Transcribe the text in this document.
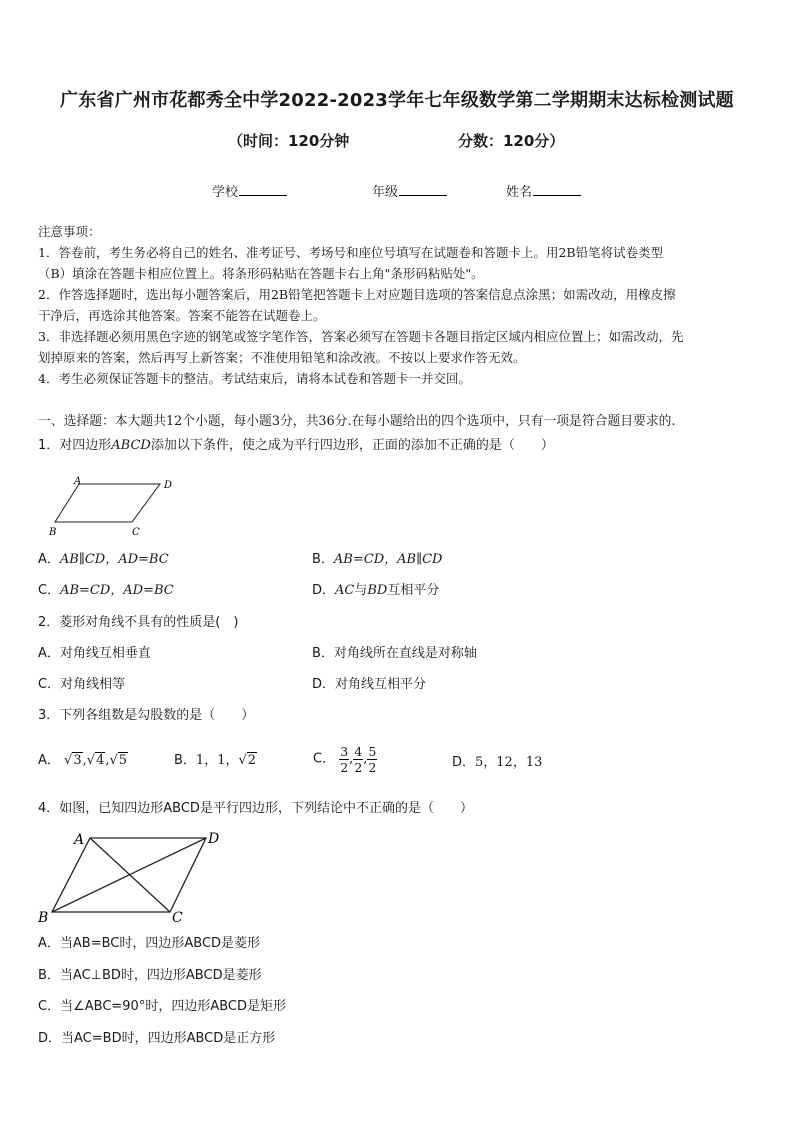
广东省广州市花都秀全中学2022-2023学年七年级数学第二学期期末达标检测试题
（时间：120分钟	分数：120分）
学校	年级	姓名
注意事项：
1．答卷前，考生务必将自己的姓名、准考证号、考场号和座位号填写在试题卷和答题卡上。用2B铅笔将试卷类型
（B）填涂在答题卡相应位置上。将条形码粘贴在答题卡右上角"条形码粘贴处"。
2．作答选择题时，选出每小题答案后，用2B铅笔把答题卡上对应题目选项的答案信息点涂黑；如需改动，用橡皮擦
干净后，再选涂其他答案。答案不能答在试题卷上。
3．非选择题必须用黑色字迹的钢笔或签字笔作答，答案必须写在答题卡各题目指定区域内相应位置上；如需改动，先
划掉原来的答案，然后再写上新答案；不准使用铅笔和涂改液。不按以上要求作答无效。
4．考生必须保证答题卡的整洁。考试结束后，请将本试卷和答题卡一并交回。
一、选择题：本大题共12个小题，每小题3分，共36分.在每小题给出的四个选项中，只有一项是符合题目要求的.
1．对四边形ABCD添加以下条件，使之成为平行四边形，正面的添加不正确的是（　　）
A	D
B	C
A．AB∥CD，AD=BC	B．AB=CD，AB∥CD
C．AB=CD，AD=BC	D．AC与BD互相平分
2．菱形对角线不具有的性质是(　)
A．对角线互相垂直	B．对角线所在直线是对称轴
C．对角线相等	D．对角线互相平分
3．下列各组数是勾股数的是（　　）
A． √3,√4,√5	B．1，1，√2	C． $\frac{3}{2}$ , $\frac{4}{2}$ , $\frac{5}{2}$	D．5，12，13
4．如图，已知四边形ABCD是平行四边形，下列结论中不正确的是（　　）
A	D
B	C
A．当AB=BC时，四边形ABCD是菱形
B．当AC⊥BD时，四边形ABCD是菱形
C．当∠ABC=90°时，四边形ABCD是矩形
D．当AC=BD时，四边形ABCD是正方形
